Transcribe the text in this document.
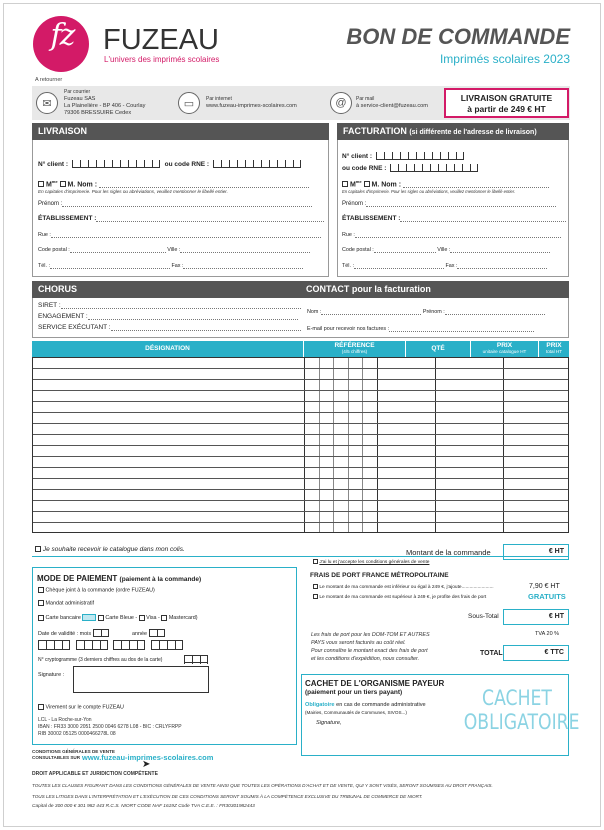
fz	FUZEAU
L'univers des imprimés scolaires
BON DE COMMANDE
Imprimés scolaires 2023
A retourner
✉
Par courrier
Fuzeau SAS
La Plainelière - BP 406 - Courlay
79306 BRESSUIRE Cedex
▭	Par internet
www.fuzeau-imprimes-scolaires.com	@	Par mail
à service-client@fuzeau.com
LIVRAISON GRATUITE
à partir de 249 € HT
LIVRAISON
N° client :	ou code RNE :
$M^{me}$ M. Nom :
En capitales d'imprimerie. Pour les sigles ou abréviations, veuillez mentionner le libellé entier.
Prénom :
ÉTABLISSEMENT :
Rue :
Code postal :	Ville :
Tél. :	Fax :
FACTURATION (si différente de l'adresse de livraison)
N° client :
ou code RNE :
$M^{me}$ M. Nom :
En capitales d'imprimerie. Pour les sigles ou abréviations, veuillez mentionner le libellé entier.
Prénom :
ÉTABLISSEMENT :
Rue :
Code postal :	Ville :
Tél. :	Fax :
CHORUS	CONTACT pour la facturation
SIRET :
ENGAGEMENT :
SERVICE EXÉCUTANT :
Nom :	Prénom :
E-mail pour recevoir nos factures :
DÉSIGNATION	RÉFÉRENCE
(4/5 chiffres)	QTÉ	PRIX
unitaire catalogue HT
PRIX
total HT
Je souhaite recevoir le catalogue dans mon colis.	Montant de la commande	€ HT
J'ai lu et j'accepte les conditions générales de vente
FRAIS DE PORT FRANCE MÉTROPOLITAINE
Le montant de ma commande est inférieur ou égal à 249 €, j'ajoute........................	7,90 € HT
Le montant de ma commande est supérieur à 249 €, je profite des frais de port	GRATUITS
Sous-Total	€ HT
TVA 20 %
TOTAL	€ TTC
Les frais de port pour les DOM-TOM ET AUTRES
PAYS vous seront facturés au coût réel.
Pour connaître le montant exact des frais de port
et les conditions d'expédition, nous consulter.
MODE DE PAIEMENT (paiement à la commande)
Chèque joint à la commande (ordre FUZEAU)
Mandat administratif
Carte bancaire	Carte Bleue - Visa - Mastercard)
Date de validité : mois	année

N° cryptogramme (3 derniers chiffres au dos de la carte)
Signature :
Virement sur le compte FUZEAU
LCL - La Roche-sur-Yon
IBAN : FR33 3000 2051 2500 0046 6278 L08 - BIC : CRLYFRPP
RIB 30002 05125 0000466278L 08
CACHET DE L'ORGANISME PAYEUR
(paiement pour un tiers payant)
Obligatoire en cas de commande administrative
(Mairies, Communautés de Communes, SIVOS...)
Signature,
CACHET
OBLIGATOIRE
CONDITIONS GÉNÉRALES DE VENTE
CONSULTABLES SUR www.fuzeau-imprimes-scolaires.com
➤
DROIT APPLICABLE ET JURIDICTION COMPÉTENTE
TOUTES LES CLAUSES FIGURANT DANS LES CONDITIONS GÉNÉRALES DE VENTE AINSI QUE TOUTES LES OPÉRATIONS D'ACHAT ET DE VENTE, QUI Y SONT VISÉS, SERONT SOUMISES AU DROIT FRANÇAIS.
TOUS LES LITIGES DANS L'INTERPRÉTATION ET L'EXÉCUTION DE CES CONDITIONS SERONT SOUMIS À LA COMPÉTENCE EXCLUSIVE DU TRIBUNAL DE COMMERCE DE NIORT.
Capital de 300 000 € 301 982 443 R.C.S. NIORT CODE NAF 1619Z Code TVA C.E.E. : FR30301982443
